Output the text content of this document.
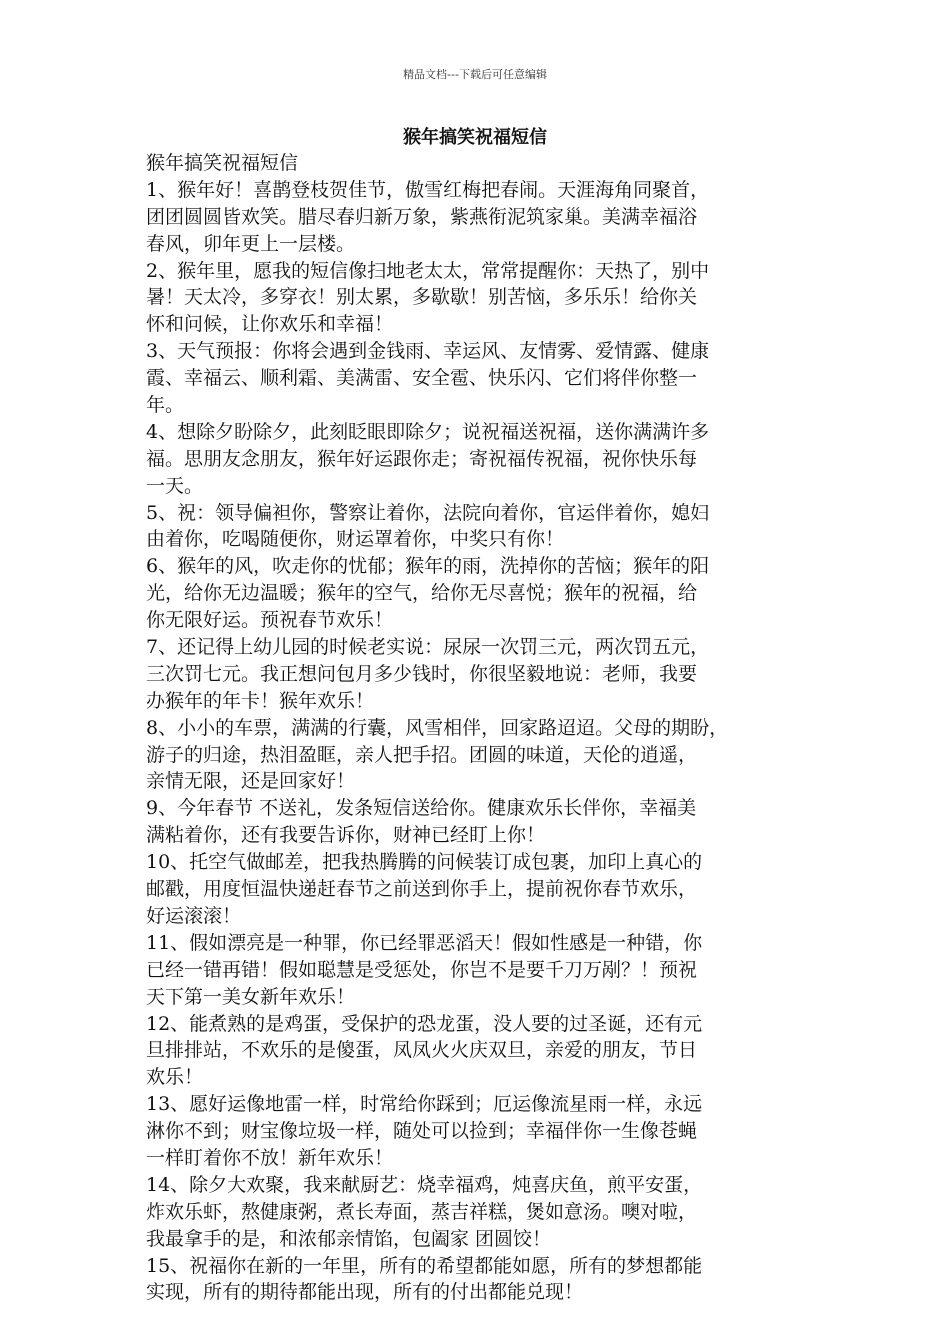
精品文档---下载后可任意编辑
猴年搞笑祝福短信
猴年搞笑祝福短信
1、猴年好！喜鹊登枝贺佳节，傲雪红梅把春闹。天涯海角同聚首，
团团圆圆皆欢笑。腊尽春归新万象，紫燕衔泥筑家巢。美满幸福浴
春风，卯年更上一层楼。
2、猴年里，愿我的短信像扫地老太太，常常提醒你：天热了，别中
暑！天太冷，多穿衣！别太累，多歇歇！别苦恼，多乐乐！给你关
怀和问候，让你欢乐和幸福！
3、天气预报：你将会遇到金钱雨、幸运风、友情雾、爱情露、健康
霞、幸福云、顺利霜、美满雷、安全雹、快乐闪、它们将伴你整一
年。
4、想除夕盼除夕，此刻眨眼即除夕；说祝福送祝福，送你满满许多
福。思朋友念朋友，猴年好运跟你走；寄祝福传祝福，祝你快乐每
一天。
5、祝：领导偏袒你，警察让着你，法院向着你，官运伴着你，媳妇
由着你，吃喝随便你，财运罩着你，中奖只有你！
6、猴年的风，吹走你的忧郁；猴年的雨，洗掉你的苦恼；猴年的阳
光，给你无边温暖；猴年的空气，给你无尽喜悦；猴年的祝福，给
你无限好运。预祝春节欢乐！
7、还记得上幼儿园的时候老实说：尿尿一次罚三元，两次罚五元，
三次罚七元。我正想问包月多少钱时，你很坚毅地说：老师，我要
办猴年的年卡！猴年欢乐！
8、小小的车票，满满的行囊，风雪相伴，回家路迢迢。父母的期盼，
游子的归途，热泪盈眶，亲人把手招。团圆的味道，天伦的逍遥，
亲情无限，还是回家好！
9、今年春节 不送礼，发条短信送给你。健康欢乐长伴你，幸福美
满粘着你，还有我要告诉你，财神已经盯上你！
10、托空气做邮差，把我热腾腾的问候装订成包裹，加印上真心的
邮戳，用度恒温快递赶春节之前送到你手上，提前祝你春节欢乐，
好运滚滚！
11、假如漂亮是一种罪，你已经罪恶滔天！假如性感是一种错，你
已经一错再错！假如聪慧是受惩处，你岂不是要千刀万剐？！预祝
天下第一美女新年欢乐！
12、能煮熟的是鸡蛋，受保护的恐龙蛋，没人要的过圣诞，还有元
旦排排站，不欢乐的是傻蛋，凤凤火火庆双旦，亲爱的朋友，节日
欢乐！
13、愿好运像地雷一样，时常给你踩到；厄运像流星雨一样，永远
淋你不到；财宝像垃圾一样，随处可以捡到；幸福伴你一生像苍蝇
一样盯着你不放！新年欢乐！
14、除夕大欢聚，我来献厨艺：烧幸福鸡，炖喜庆鱼，煎平安蛋，
炸欢乐虾，熬健康粥，煮长寿面，蒸吉祥糕，煲如意汤。噢对啦，
我最拿手的是，和浓郁亲情馅，包阖家 团圆饺！
15、祝福你在新的一年里，所有的希望都能如愿，所有的梦想都能
实现，所有的期待都能出现，所有的付出都能兑现！
